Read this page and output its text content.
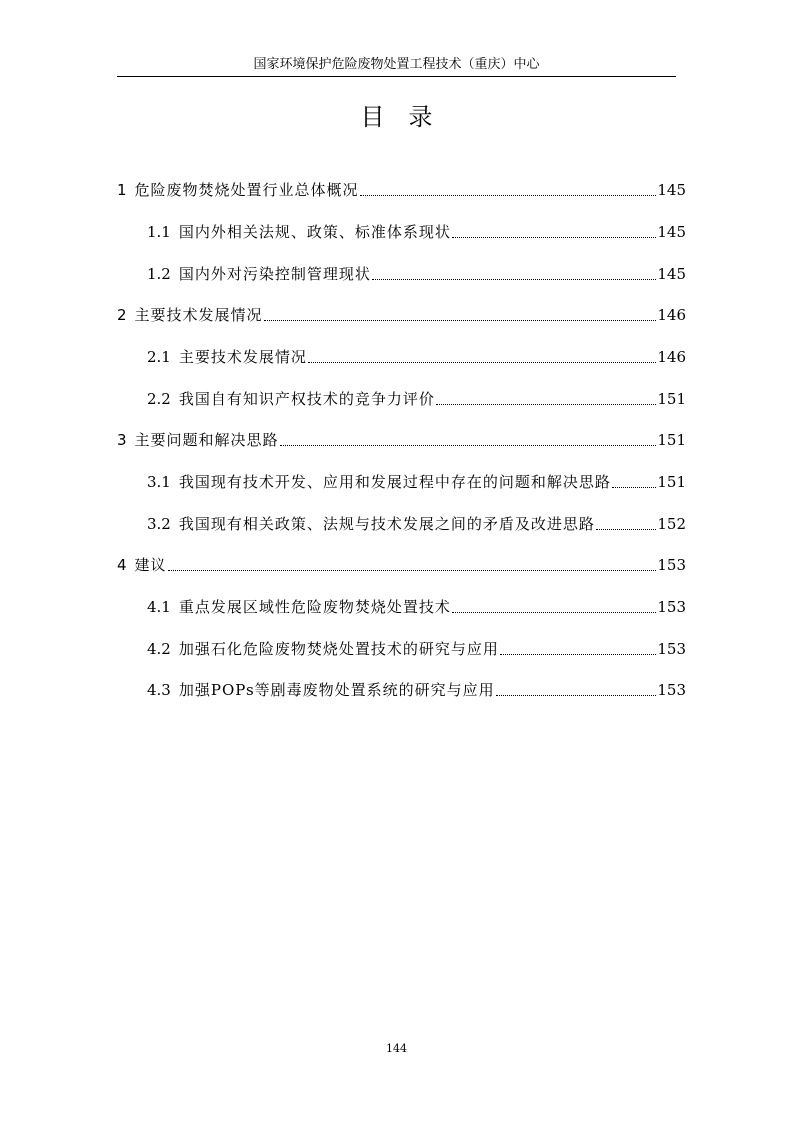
国家环境保护危险废物处置工程技术（重庆）中心
目录
1 危险废物焚烧处置行业总体概况	145
1.1 国内外相关法规、政策、标准体系现状	145
1.2 国内外对污染控制管理现状	145
2 主要技术发展情况	146
2.1 主要技术发展情况	146
2.2 我国自有知识产权技术的竞争力评价	151
3 主要问题和解决思路	151
3.1 我国现有技术开发、应用和发展过程中存在的问题和解决思路	151
3.2 我国现有相关政策、法规与技术发展之间的矛盾及改进思路	152
4 建议	153
4.1 重点发展区域性危险废物焚烧处置技术	153
4.2 加强石化危险废物焚烧处置技术的研究与应用	153
4.3 加强POPs等剧毒废物处置系统的研究与应用	153
144
